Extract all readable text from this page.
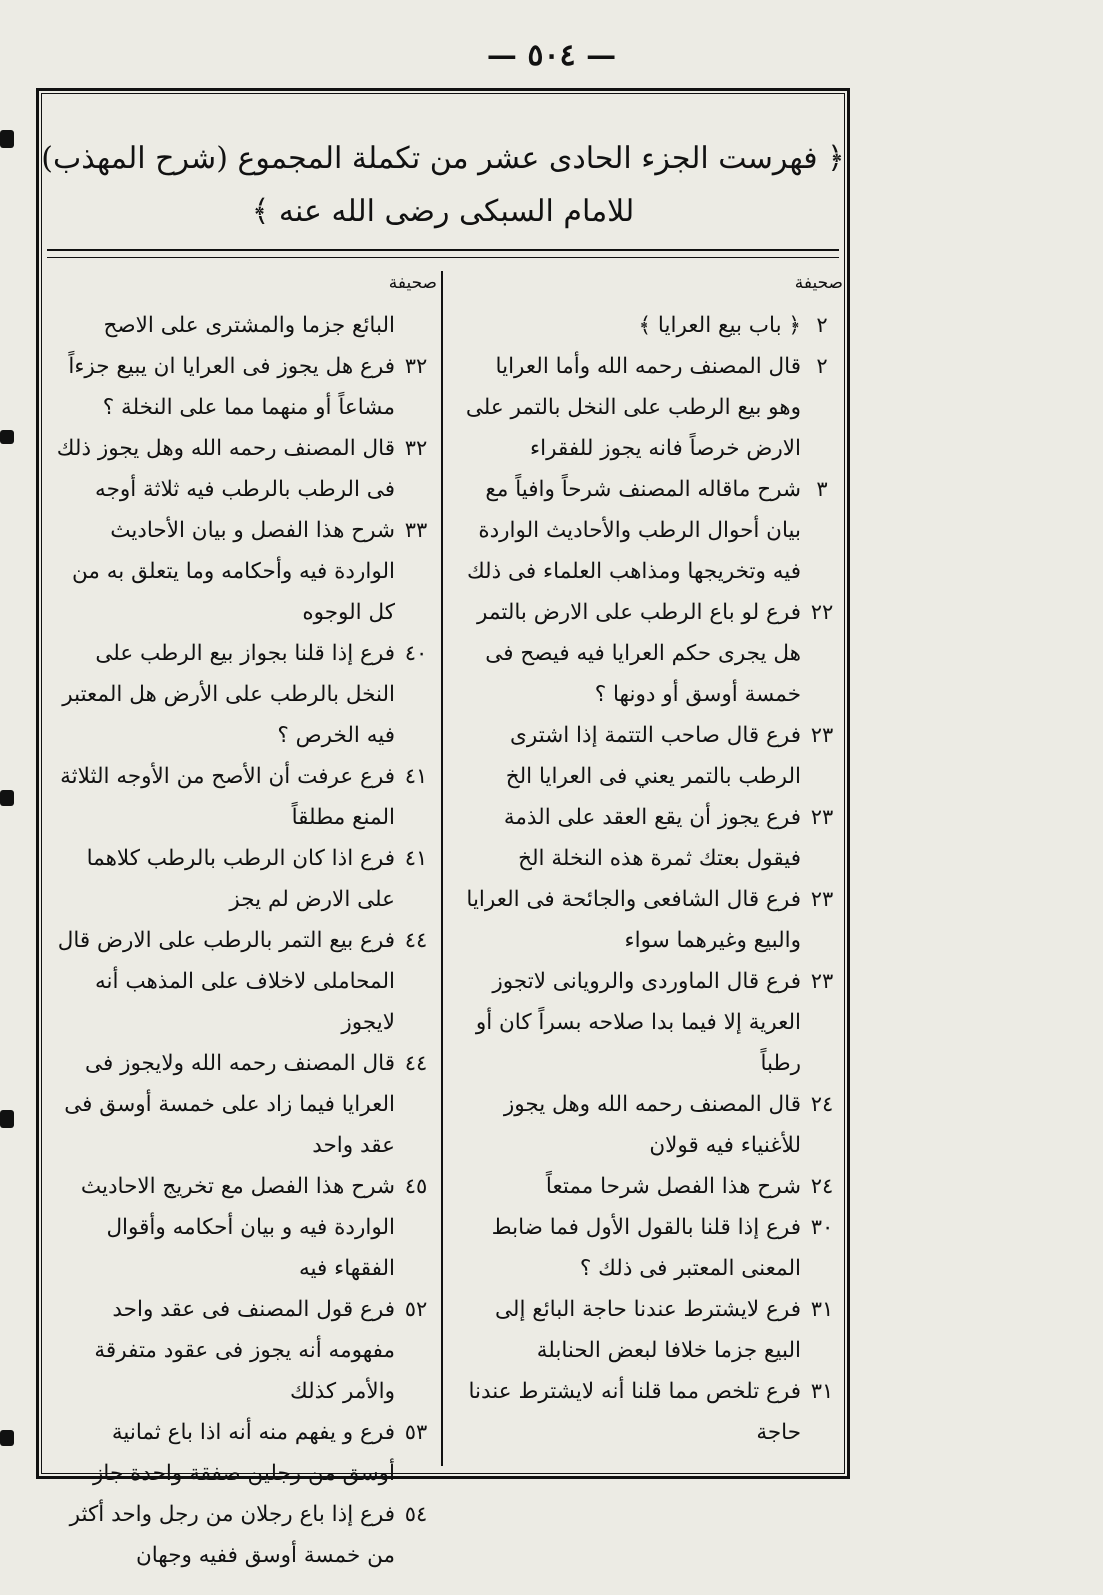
— ٥٠٤ —
﴿ فهرست الجزء الحادى عشر من تكملة المجموع (شرح المهذب)
للامام السبكى رضى الله عنه ﴾
صحيفة
٢
﴿ باب بيع العرايا ﴾
٢
قال المصنف رحمه الله وأما العرايا وهو بيع الرطب على النخل بالتمر على الارض خرصاً فانه يجوز للفقراء
٣
شرح ماقاله المصنف شرحاً وافياً مع بيان أحوال الرطب والأحاديث الواردة فيه وتخريجها ومذاهب العلماء فى ذلك
٢٢
فرع لو باع الرطب على الارض بالتمر هل يجرى حكم العرايا فيه فيصح فى خمسة أوسق أو دونها ؟
٢٣
فرع قال صاحب التتمة إذا اشترى الرطب بالتمر يعني فى العرايا الخ
٢٣
فرع يجوز أن يقع العقد على الذمة فيقول بعتك ثمرة هذه النخلة الخ
٢٣
فرع قال الشافعى والجائحة فى العرايا والبيع وغيرهما سواء
٢٣
فرع قال الماوردى والرويانى لاتجوز العرية إلا فيما بدا صلاحه بسراً كان أو رطباً
٢٤
قال المصنف رحمه الله وهل يجوز للأغنياء فيه قولان
٢٤
شرح هذا الفصل شرحا ممتعاً
٣٠
فرع إذا قلنا بالقول الأول فما ضابط المعنى المعتبر فى ذلك ؟
٣١
فرع لايشترط عندنا حاجة البائع إلى البيع جزما خلافا لبعض الحنابلة
٣١
فرع تلخص مما قلنا أنه لايشترط عندنا حاجة
صحيفة
البائع جزما والمشترى على الاصح
٣٢
فرع هل يجوز فى العرايا ان يبيع جزءاً مشاعاً أو منهما مما على النخلة ؟
٣٢
قال المصنف رحمه الله وهل يجوز ذلك فى الرطب بالرطب فيه ثلاثة أوجه
٣٣
شرح هذا الفصل و بيان الأحاديث الواردة فيه وأحكامه وما يتعلق به من كل الوجوه
٤٠
فرع إذا قلنا بجواز بيع الرطب على النخل بالرطب على الأرض هل المعتبر فيه الخرص ؟
٤١
فرع عرفت أن الأصح من الأوجه الثلاثة المنع مطلقاً
٤١
فرع اذا كان الرطب بالرطب كلاهما على الارض لم يجز
٤٤
فرع بيع التمر بالرطب على الارض قال المحاملى لاخلاف على المذهب أنه لايجوز
٤٤
قال المصنف رحمه الله ولايجوز فى العرايا فيما زاد على خمسة أوسق فى عقد واحد
٤٥
شرح هذا الفصل مع تخريج الاحاديث الواردة فيه و بيان أحكامه وأقوال الفقهاء فيه
٥٢
فرع قول المصنف فى عقد واحد مفهومه أنه يجوز فى عقود متفرقة والأمر كذلك
٥٣
فرع و يفهم منه أنه اذا باع ثمانية أوسق من رجلين صفقة واحدة جاز
٥٤
فرع إذا باع رجلان من رجل واحد أكثر من خمسة أوسق ففيه وجهان
